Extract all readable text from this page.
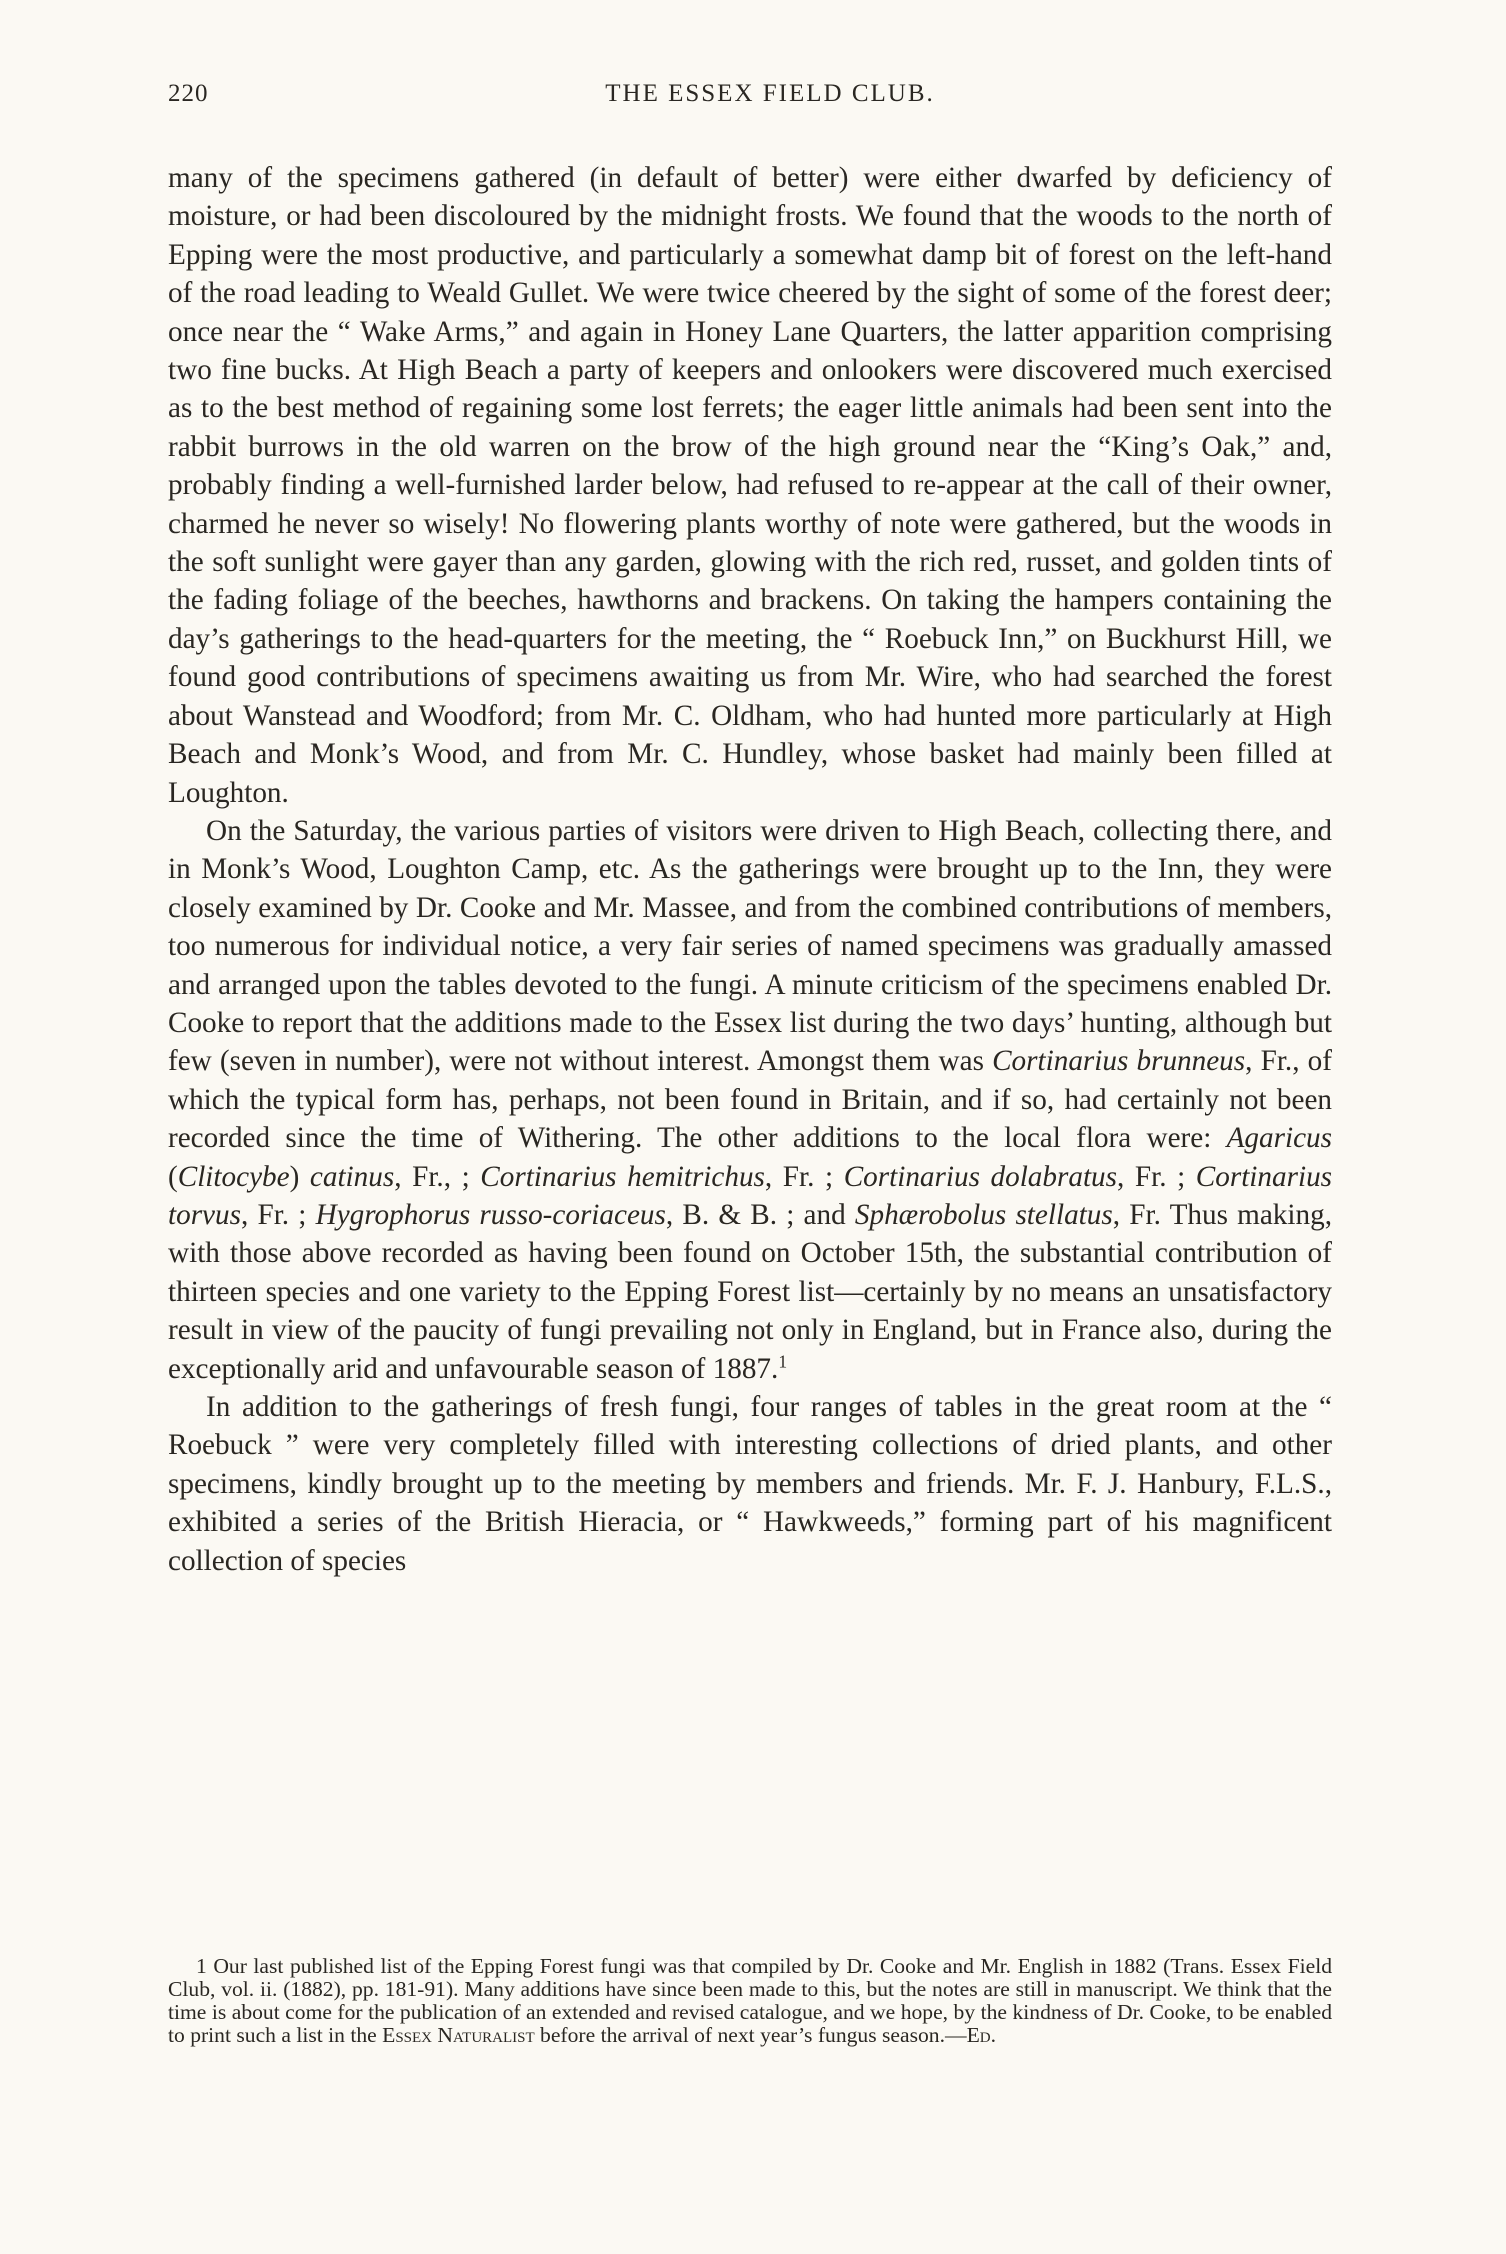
220	THE ESSEX FIELD CLUB.

many of the specimens gathered (in default of better) were either dwarfed by deficiency of moisture, or had been discoloured by the midnight frosts. We found that the woods to the north of Epping were the most productive, and particularly a somewhat damp bit of forest on the left-hand of the road leading to Weald Gullet. We were twice cheered by the sight of some of the forest deer; once near the “ Wake Arms,” and again in Honey Lane Quarters, the latter apparition comprising two fine bucks. At High Beach a party of keepers and onlookers were discovered much exercised as to the best method of regaining some lost ferrets; the eager little animals had been sent into the rabbit burrows in the old warren on the brow of the high ground near the “King’s Oak,” and, probably finding a well-furnished larder below, had refused to re-appear at the call of their owner, charmed he never so wisely! No flowering plants worthy of note were gathered, but the woods in the soft sunlight were gayer than any garden, glowing with the rich red, russet, and golden tints of the fading foliage of the beeches, hawthorns and brackens. On taking the hampers containing the day’s gatherings to the head-quarters for the meeting, the “ Roebuck Inn,” on Buckhurst Hill, we found good contributions of specimens awaiting us from Mr. Wire, who had searched the forest about Wanstead and Woodford; from Mr. C. Oldham, who had hunted more particularly at High Beach and Monk’s Wood, and from Mr. C. Hundley, whose basket had mainly been filled at Loughton.

On the Saturday, the various parties of visitors were driven to High Beach, collecting there, and in Monk’s Wood, Loughton Camp, etc. As the gatherings were brought up to the Inn, they were closely examined by Dr. Cooke and Mr. Massee, and from the combined contributions of members, too numerous for individual notice, a very fair series of named specimens was gradually amassed and arranged upon the tables devoted to the fungi. A minute criticism of the specimens enabled Dr. Cooke to report that the additions made to the Essex list during the two days’ hunting, although but few (seven in number), were not without interest. Amongst them was Cortinarius brunneus, Fr., of which the typical form has, perhaps, not been found in Britain, and if so, had certainly not been recorded since the time of Withering. The other additions to the local flora were: Agaricus (Clitocybe) catinus, Fr., ; Cortinarius hemitrichus, Fr. ; Cortinarius dolabratus, Fr. ; Cortinarius torvus, Fr. ; Hygrophorus russo-coriaceus, B. & B. ; and Sphærobolus stellatus, Fr. Thus making, with those above recorded as having been found on October 15th, the substantial contribution of thirteen species and one variety to the Epping Forest list—certainly by no means an unsatisfactory result in view of the paucity of fungi prevailing not only in England, but in France also, during the exceptionally arid and unfavourable season of 1887.$^1$

In addition to the gatherings of fresh fungi, four ranges of tables in the great room at the “ Roebuck ” were very completely filled with interesting collections of dried plants, and other specimens, kindly brought up to the meeting by members and friends. Mr. F. J. Hanbury, F.L.S., exhibited a series of the British Hieracia, or “ Hawkweeds,” forming part of his magnificent collection of species

1 Our last published list of the Epping Forest fungi was that compiled by Dr. Cooke and Mr. English in 1882 (Trans. Essex Field Club, vol. ii. (1882), pp. 181-91). Many additions have since been made to this, but the notes are still in manuscript. We think that the time is about come for the publication of an extended and revised catalogue, and we hope, by the kindness of Dr. Cooke, to be enabled to print such a list in the Essex Naturalist before the arrival of next year’s fungus season.—Ed.
